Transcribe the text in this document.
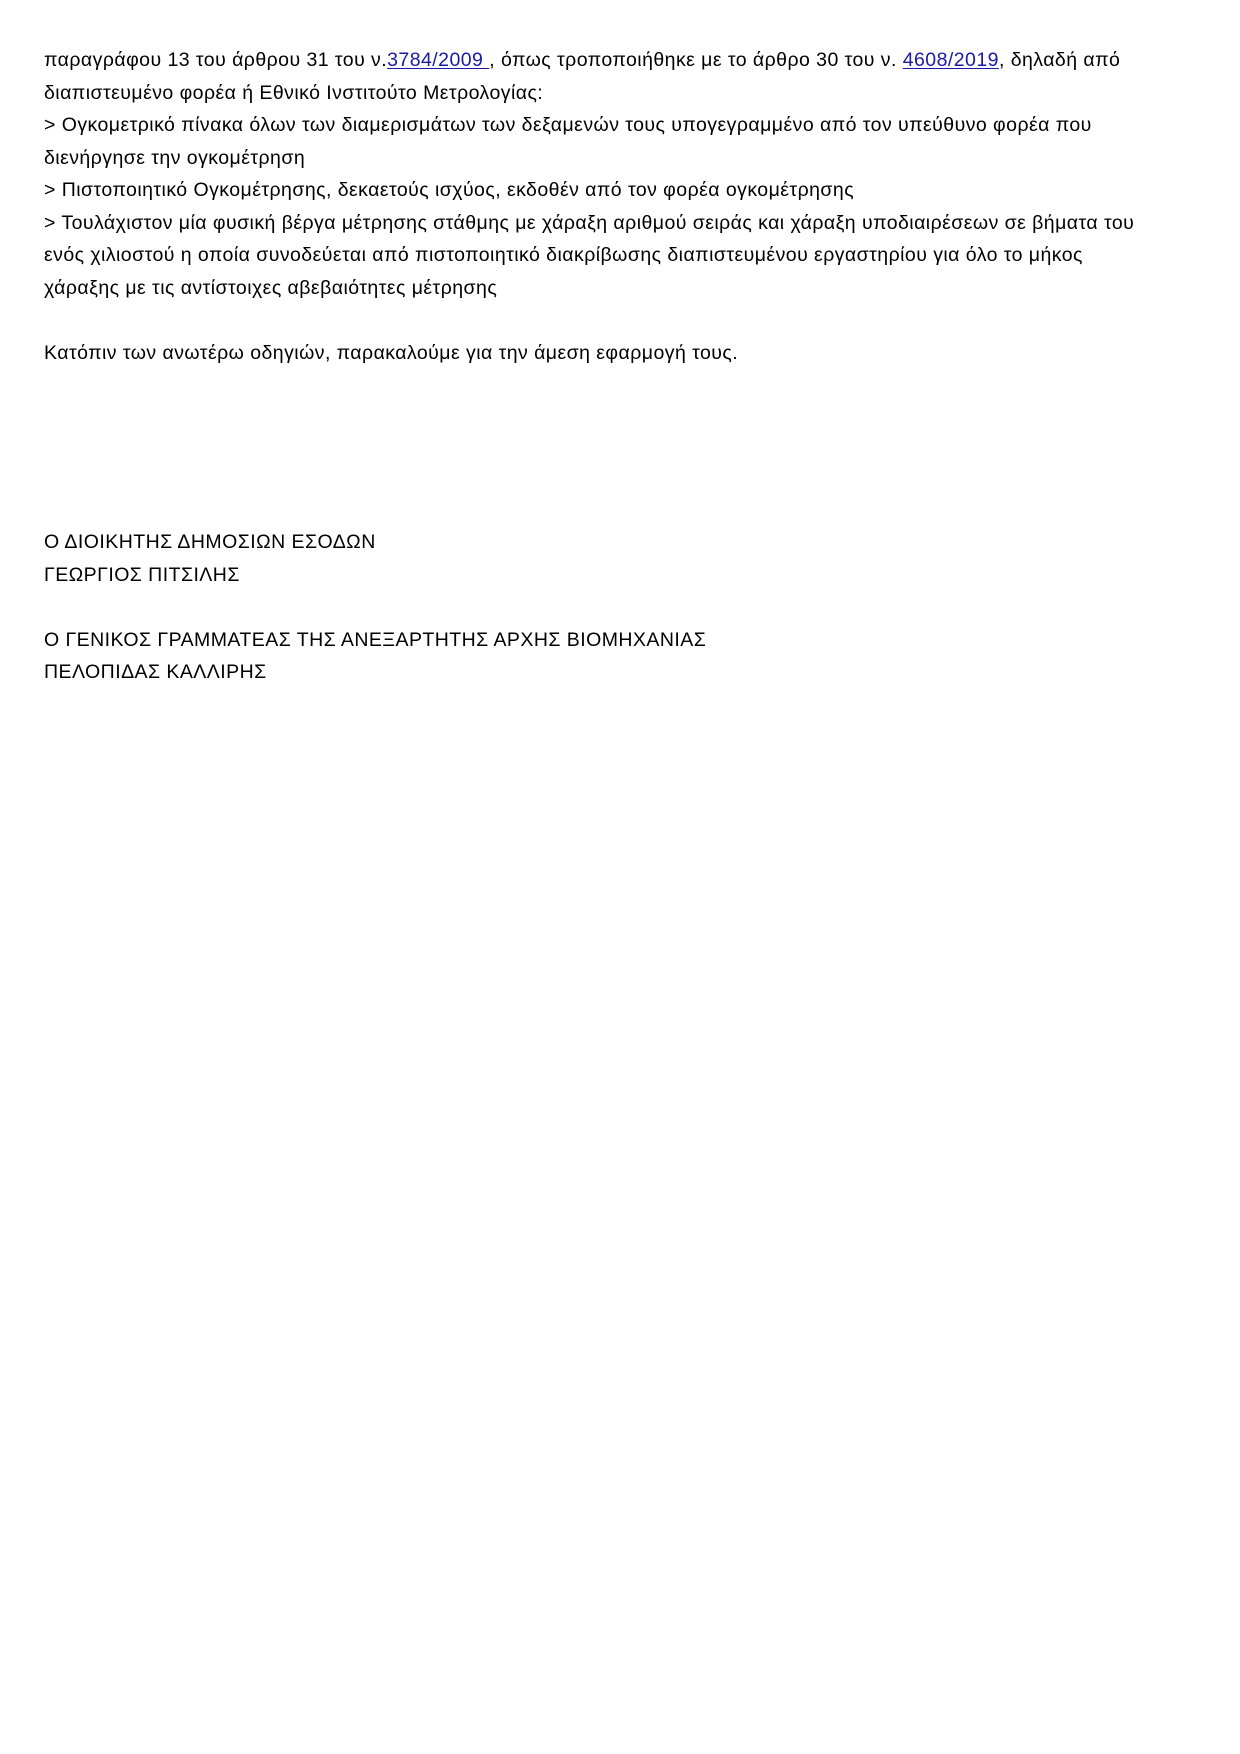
παραγράφου 13 του άρθρου 31 του ν.3784/2009 , όπως τροποποιήθηκε με το άρθρο 30 του ν. 4608/2019, δηλαδή από
διαπιστευμένο φορέα ή Εθνικό Ινστιτούτο Μετρολογίας:
> Ογκομετρικό πίνακα όλων των διαμερισμάτων των δεξαμενών τους υπογεγραμμένο από τον υπεύθυνο φορέα που
διενήργησε την ογκομέτρηση
> Πιστοποιητικό Ογκομέτρησης, δεκαετούς ισχύος, εκδοθέν από τον φορέα ογκομέτρησης
> Τουλάχιστον μία φυσική βέργα μέτρησης στάθμης με χάραξη αριθμού σειράς και χάραξη υποδιαιρέσεων σε βήματα του
ενός χιλιοστού η οποία συνοδεύεται από πιστοποιητικό διακρίβωσης διαπιστευμένου εργαστηρίου για όλο το μήκος
χάραξης με τις αντίστοιχες αβεβαιότητες μέτρησης
Κατόπιν των ανωτέρω οδηγιών, παρακαλούμε για την άμεση εφαρμογή τους.
Ο ΔΙΟΙΚΗΤΗΣ ΔΗΜΟΣΙΩΝ ΕΣΟΔΩΝ
ΓΕΩΡΓΙΟΣ ΠΙΤΣΙΛΗΣ
Ο ΓΕΝΙΚΟΣ ΓΡΑΜΜΑΤΕΑΣ ΤΗΣ ΑΝΕΞΑΡΤΗΤΗΣ ΑΡΧΗΣ ΒΙΟΜΗΧΑΝΙΑΣ
ΠΕΛΟΠΙΔΑΣ ΚΑΛΛΙΡΗΣ
